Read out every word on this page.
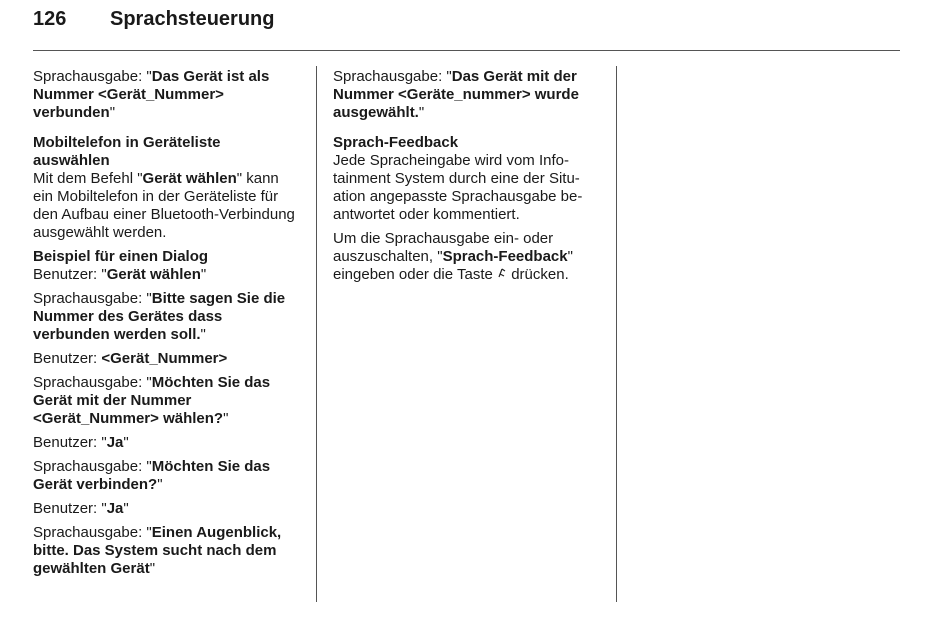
126	Sprachsteuerung

Sprachausgabe: "Das Gerät ist als Nummer <Gerät_Nummer> verbunden"

Mobiltelefon in Geräteliste auswählen

Mit dem Befehl "Gerät wählen" kann ein Mobiltelefon in der Geräteliste für den Aufbau einer Bluetooth-Verbindung ausgewählt werden.

Beispiel für einen Dialog

Benutzer: "Gerät wählen"

Sprachausgabe: "Bitte sagen Sie die Nummer des Gerätes dass verbunden werden soll."

Benutzer: <Gerät_Nummer>

Sprachausgabe: "Möchten Sie das Gerät mit der Nummer <Gerät_Nummer> wählen?"

Benutzer: "Ja"

Sprachausgabe: "Möchten Sie das Gerät verbinden?"

Benutzer: "Ja"

Sprachausgabe: "Einen Augenblick, bitte. Das System sucht nach dem gewählten Gerät"

Sprachausgabe: "Das Gerät mit der Nummer <Geräte_nummer> wurde ausgewählt."

Sprach-Feedback

Jede Spracheingabe wird vom Infotainment System durch eine der Situation angepasste Sprachausgabe beantwortet oder kommentiert.

Um die Sprachausgabe ein- oder auszuschalten, "Sprach-Feedback" eingeben oder die Taste  drücken.
